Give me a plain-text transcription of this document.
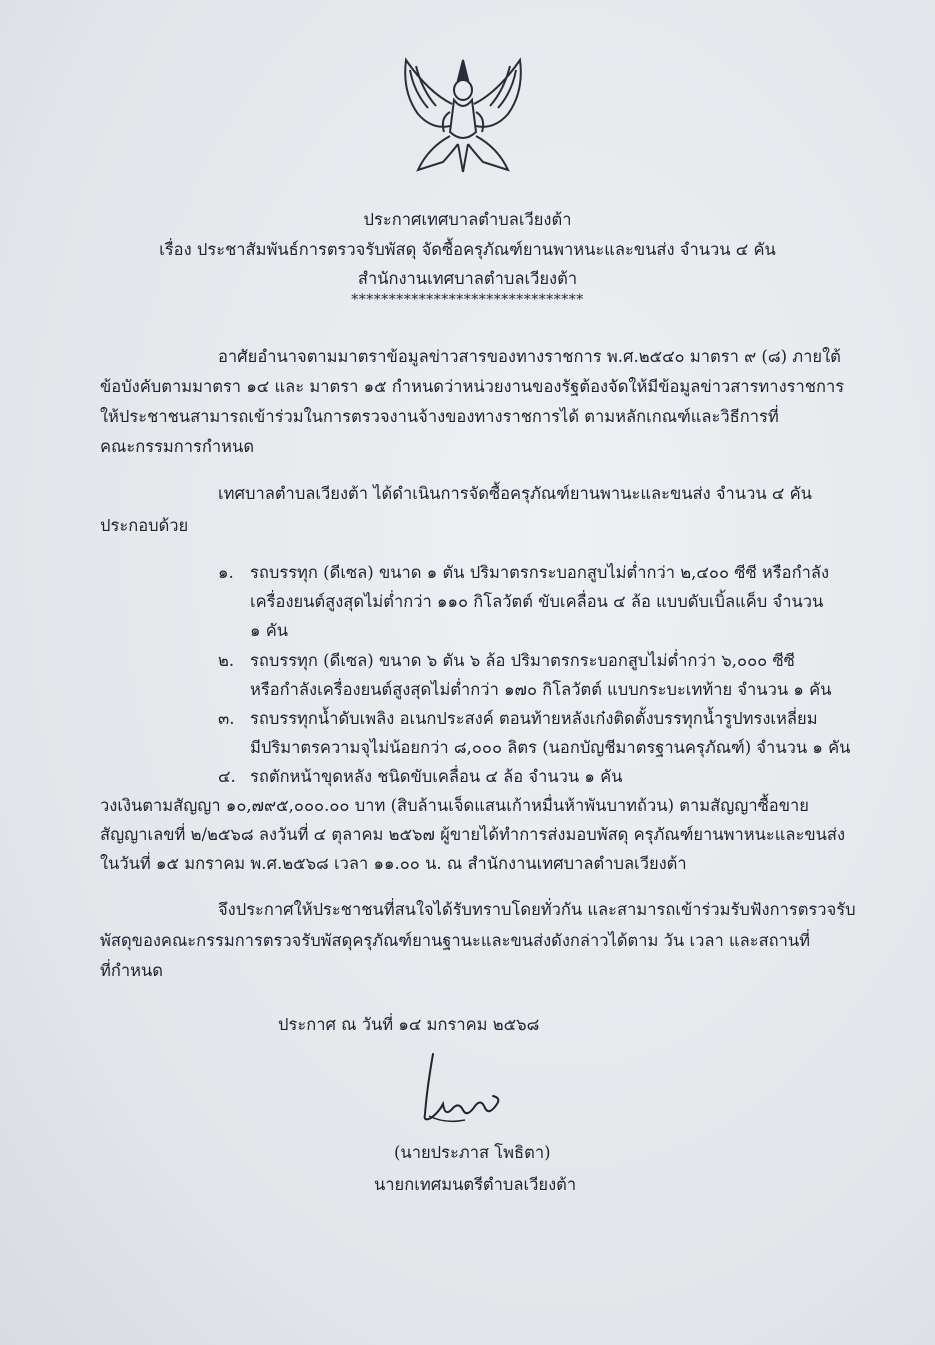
ประกาศเทศบาลตำบลเวียงต้า
เรื่อง ประชาสัมพันธ์การตรวจรับพัสดุ จัดซื้อครุภัณฑ์ยานพาหนะและขนส่ง จำนวน ๔ คัน
สำนักงานเทศบาลตำบลเวียงต้า
*******************************
อาศัยอำนาจตามมาตราข้อมูลข่าวสารของทางราชการ พ.ศ.๒๕๔๐ มาตรา ๙ (๘) ภายใต้
ข้อบังคับตามมาตรา ๑๔ และ มาตรา ๑๕ กำหนดว่าหน่วยงานของรัฐต้องจัดให้มีข้อมูลข่าวสารทางราชการ
ให้ประชาชนสามารถเข้าร่วมในการตรวจงานจ้างของทางราชการได้ ตามหลักเกณฑ์และวิธีการที่
คณะกรรมการกำหนด
เทศบาลตำบลเวียงต้า ได้ดำเนินการจัดซื้อครุภัณฑ์ยานพานะและขนส่ง จำนวน ๔ คัน
ประกอบด้วย
๑. รถบรรทุก (ดีเซล) ขนาด ๑ ตัน ปริมาตรกระบอกสูบไม่ต่ำกว่า ๒,๔๐๐ ซีซี หรือกำลัง
เครื่องยนต์สูงสุดไม่ต่ำกว่า ๑๑๐ กิโลวัตต์ ขับเคลื่อน ๔ ล้อ แบบดับเบิ้ลแค็บ จำนวน
๑ คัน
๒. รถบรรทุก (ดีเซล) ขนาด ๖ ตัน ๖ ล้อ ปริมาตรกระบอกสูบไม่ต่ำกว่า ๖,๐๐๐ ซีซี
หรือกำลังเครื่องยนต์สูงสุดไม่ต่ำกว่า ๑๗๐ กิโลวัตต์ แบบกระบะเทท้าย จำนวน ๑ คัน
๓. รถบรรทุกน้ำดับเพลิง อเนกประสงค์ ตอนท้ายหลังเก๋งติดตั้งบรรทุกน้ำรูปทรงเหลี่ยม
มีปริมาตรความจุไม่น้อยกว่า ๘,๐๐๐ ลิตร (นอกบัญชีมาตรฐานครุภัณฑ์) จำนวน ๑ คัน
๔. รถตักหน้าขุดหลัง ชนิดขับเคลื่อน ๔ ล้อ จำนวน ๑ คัน
วงเงินตามสัญญา ๑๐,๗๙๕,๐๐๐.๐๐ บาท (สิบล้านเจ็ดแสนเก้าหมื่นห้าพันบาทถ้วน) ตามสัญญาซื้อขาย
สัญญาเลขที่ ๒/๒๕๖๘ ลงวันที่ ๔ ตุลาคม ๒๕๖๗ ผู้ขายได้ทำการส่งมอบพัสดุ ครุภัณฑ์ยานพาหนะและขนส่ง
ในวันที่ ๑๕ มกราคม พ.ศ.๒๕๖๘ เวลา ๑๑.๐๐ น. ณ สำนักงานเทศบาลตำบลเวียงต้า
จึงประกาศให้ประชาชนที่สนใจได้รับทราบโดยทั่วกัน และสามารถเข้าร่วมรับฟังการตรวจรับ
พัสดุของคณะกรรมการตรวจรับพัสดุครุภัณฑ์ยานฐานะและขนส่งดังกล่าวได้ตาม วัน เวลา และสถานที่
ที่กำหนด
ประกาศ ณ วันที่ ๑๔ มกราคม ๒๕๖๘
(นายประภาส โพธิตา)
นายกเทศมนตรีตำบลเวียงต้า
